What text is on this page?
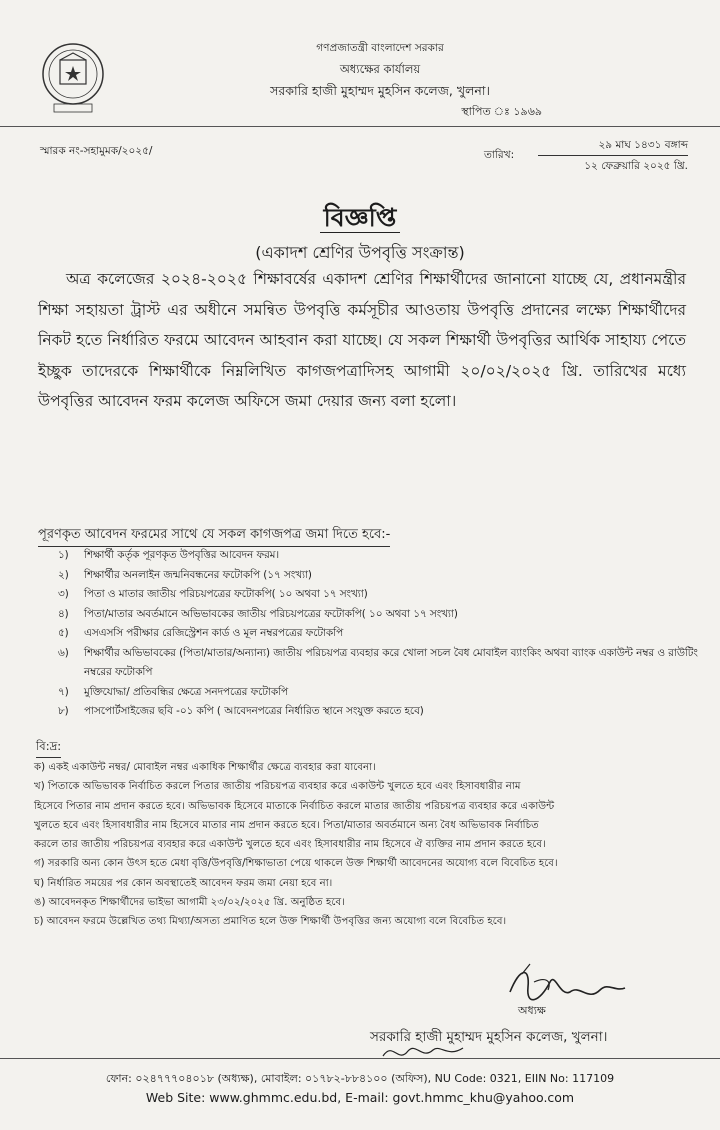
গণপ্রজাতন্ত্রী বাংলাদেশ সরকার
অধ্যক্ষের কার্যালয়
সরকারি হাজী মুহাম্মদ মুহসিন কলেজ, খুলনা।
স্থাপিত ঃ ১৯৬৯
স্মারক নং-সহামুমক/২০২৫/	তারিখ:
২৯ মাঘ ১৪৩১ বঙ্গাব্দ
১২ ফেব্রুয়ারি ২০২৫ খ্রি.
বিজ্ঞপ্তি
(একাদশ শ্রেণির উপবৃত্তি সংক্রান্ত)
অত্র কলেজের ২০২৪-২০২৫ শিক্ষাবর্ষের একাদশ শ্রেণির শিক্ষার্থীদের জানানো যাচ্ছে যে, প্রধানমন্ত্রীর শিক্ষা সহায়তা ট্রাস্ট এর অধীনে সমন্বিত উপবৃত্তি কর্মসূচীর আওতায় উপবৃত্তি প্রদানের লক্ষ্যে শিক্ষার্থীদের নিকট হতে নির্ধারিত ফরমে আবেদন আহবান করা যাচ্ছে। যে সকল শিক্ষার্থী উপবৃত্তির আর্থিক সাহায্য পেতে ইচ্ছুক তাদেরকে শিক্ষার্থীকে নিম্নলিখিত কাগজপত্রাদিসহ আগামী ২০/০২/২০২৫ খ্রি. তারিখের মধ্যে উপবৃত্তির আবেদন ফরম কলেজ অফিসে জমা দেয়ার জন্য বলা হলো।
পূরণকৃত আবেদন ফরমের সাথে যে সকল কাগজপত্র জমা দিতে হবে:-
১)	শিক্ষার্থী কর্তৃক পূরণকৃত উপবৃত্তির আবেদন ফরম।
২)	শিক্ষার্থীর অনলাইন জন্মনিবন্ধনের ফটোকপি (১৭ সংখ্যা)
৩)	পিতা ও মাতার জাতীয় পরিচয়পত্রের ফটোকপি( ১০ অথবা ১৭ সংখ্যা)
৪)	পিতা/মাতার অবর্তমানে অভিভাবকের জাতীয় পরিচয়পত্রের ফটোকপি( ১০ অথবা ১৭ সংখ্যা)
৫)	এসএসসি পরীক্ষার রেজিস্ট্রেশন কার্ড ও মূল নম্বরপত্রের ফটোকপি
৬)	শিক্ষার্থীর অভিভাবকের (পিতা/মাতার/অন্যান্য) জাতীয় পরিচয়পত্র ব্যবহার করে খোলা সচল বৈধ মোবাইল ব্যাংকিং অথবা ব্যাংক একাউন্ট নম্বর ও রাউটিং নম্বরের ফটোকপি
৭)	মুক্তিযোদ্ধা/ প্রতিবন্ধির ক্ষেত্রে সনদপত্রের ফটোকপি
৮)	পাসপোর্টসাইজের ছবি -০১ কপি ( আবেদনপত্রের নির্ধারিত স্থানে সংযুক্ত করতে হবে)
বি:দ্র:
ক) একই একাউন্ট নম্বর/ মোবাইল নম্বর একাধিক শিক্ষার্থীর ক্ষেত্রে ব্যবহার করা যাবেনা।
খ) পিতাকে অভিভাবক নির্বাচিত করলে পিতার জাতীয় পরিচয়পত্র ব্যবহার করে একাউন্ট খুলতে হবে এবং হিসাবধারীর নাম
হিসেবে পিতার নাম প্রদান করতে হবে। অভিভাবক হিসেবে মাতাকে নির্বাচিত করলে মাতার জাতীয় পরিচয়পত্র ব্যবহার করে একাউন্ট
খুলতে হবে এবং হিসাবধারীর নাম হিসেবে মাতার নাম প্রদান করতে হবে। পিতা/মাতার অবর্তমানে অন্য বৈধ অভিভাবক নির্বাচিত
করলে তার জাতীয় পরিচয়পত্র ব্যবহার করে একাউন্ট খুলতে হবে এবং হিসাবধারীর নাম হিসেবে ঐ ব্যক্তির নাম প্রদান করতে হবে।
গ) সরকারি অন্য কোন উৎস হতে মেধা বৃত্তি/উপবৃত্তি/শিক্ষাভাতা পেয়ে থাকলে উক্ত শিক্ষার্থী আবেদনের অযোগ্য বলে বিবেচিত হবে।
ঘ) নির্ধারিত সময়ের পর কোন অবস্থাতেই আবেদন ফরম জমা নেয়া হবে না।
ঙ) আবেদনকৃত শিক্ষার্থীদের ভাইভা আগামী ২৩/০২/২০২৫ খ্রি. অনুষ্ঠিত হবে।
চ) আবেদন ফরমে উল্লেখিত তথ্য মিথ্যা/অসত্য প্রমাণিত হলে উক্ত শিক্ষার্থী উপবৃত্তির জন্য অযোগ্য বলে বিবেচিত হবে।
অধ্যক্ষ
সরকারি হাজী মুহাম্মদ মুহসিন কলেজ, খুলনা।
ফোন: ০২৪৭৭৭০৪০১৮ (অধ্যক্ষ), মোবাইল: ০১৭৮২-৮৮৪১০০ (অফিস), NU Code: 0321, EIIN No: 117109
Web Site: www.ghmmc.edu.bd, E-mail: govt.hmmc_khu@yahoo.com
